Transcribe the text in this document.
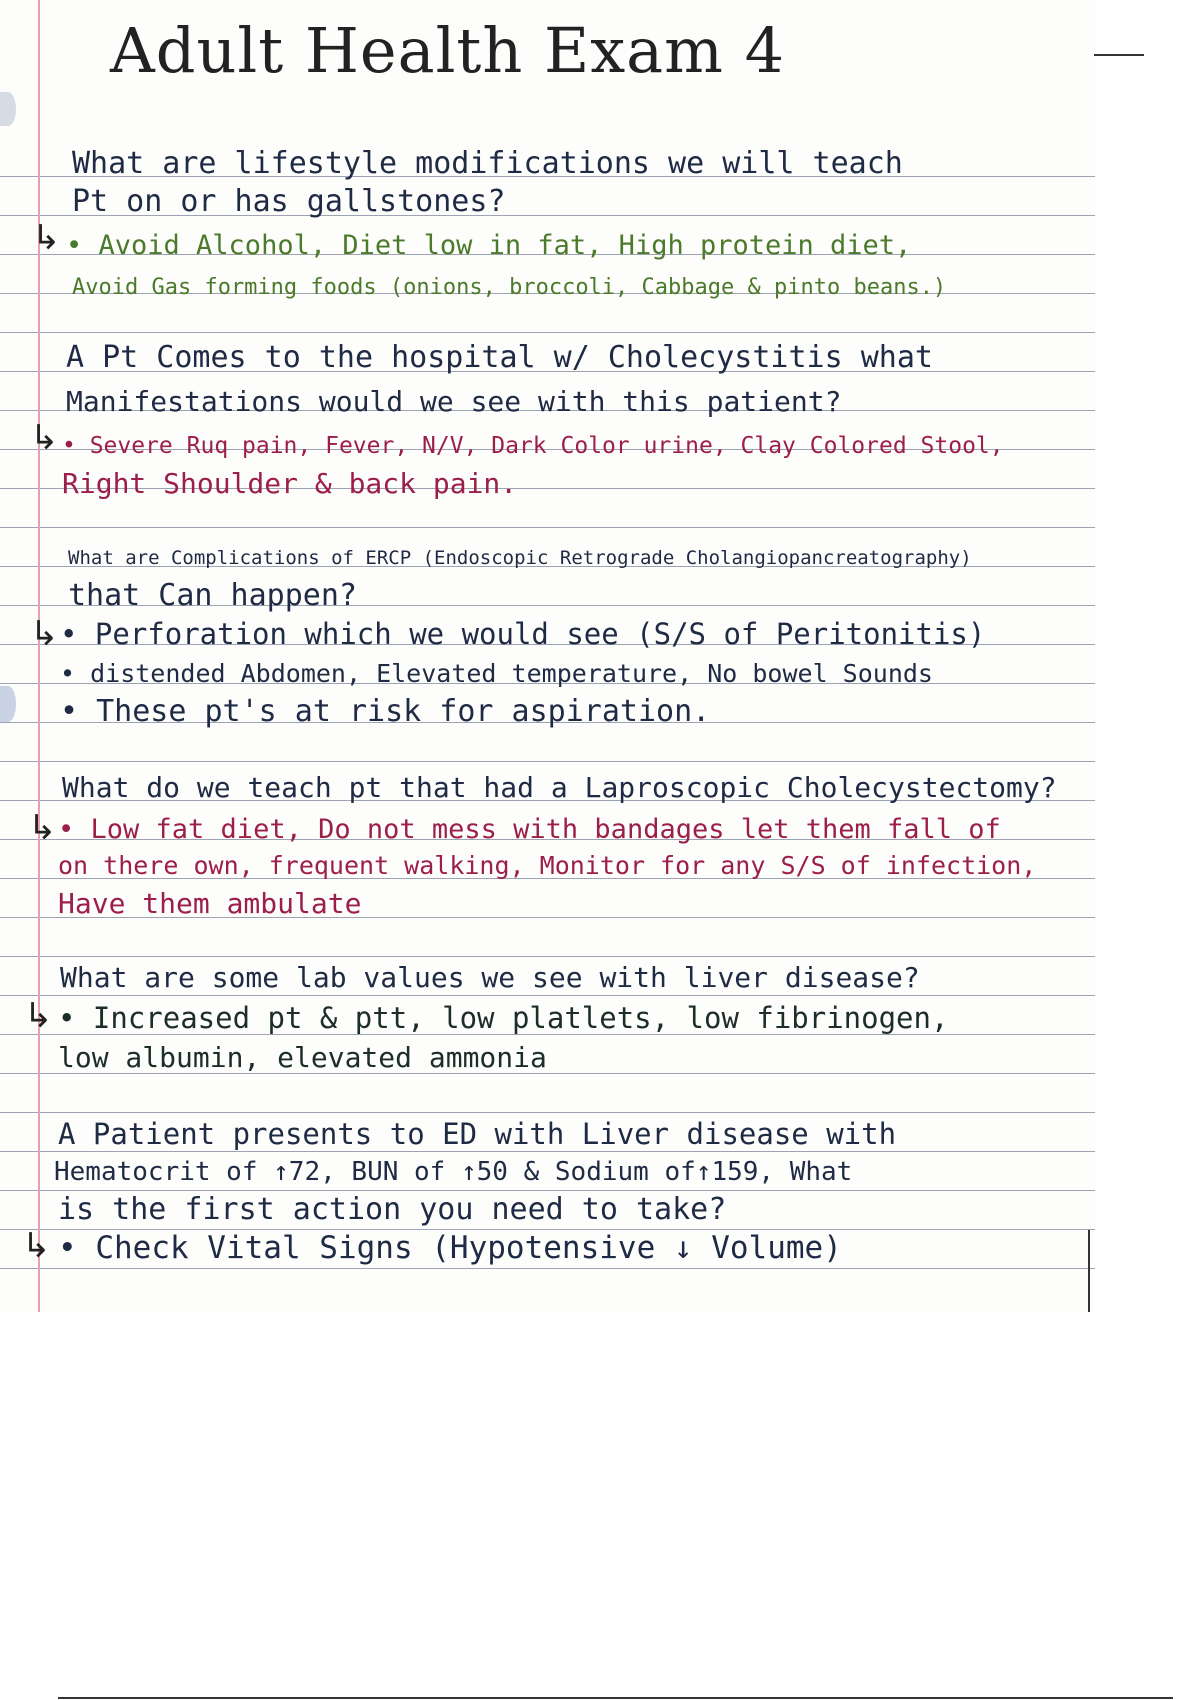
Adult Health Exam 4
What are lifestyle modifications we will teach
Pt on or has gallstones?
↳ • Avoid Alcohol, Diet low in fat, High protein diet,
Avoid Gas forming foods (onions, broccoli, Cabbage & pinto beans.)
A Pt Comes to the hospital w/ Cholecystitis what
Manifestations would we see with this patient?
↳ • Severe Ruq pain, Fever, N/V, Dark Color urine, Clay Colored Stool,
Right Shoulder & back pain.
What are Complications of ERCP (Endoscopic Retrograde Cholangiopancreatography)
that Can happen?
↳ • Perforation which we would see (S/S of Peritonitis)
• distended Abdomen, Elevated temperature, No bowel Sounds
• These pt's at risk for aspiration.
What do we teach pt that had a Laproscopic Cholecystectomy?
↳ • Low fat diet, Do not mess with bandages let them fall of
on there own, frequent walking, Monitor for any S/S of infection,
Have them ambulate
What are some lab values we see with liver disease?
↳ • Increased pt & ptt, low platlets, low fibrinogen,
low albumin, elevated ammonia
A Patient presents to ED with Liver disease with
Hematocrit of ↑72, BUN of ↑50 & Sodium of↑159, What
is the first action you need to take?
↳ • Check Vital Signs (Hypotensive ↓ Volume)
